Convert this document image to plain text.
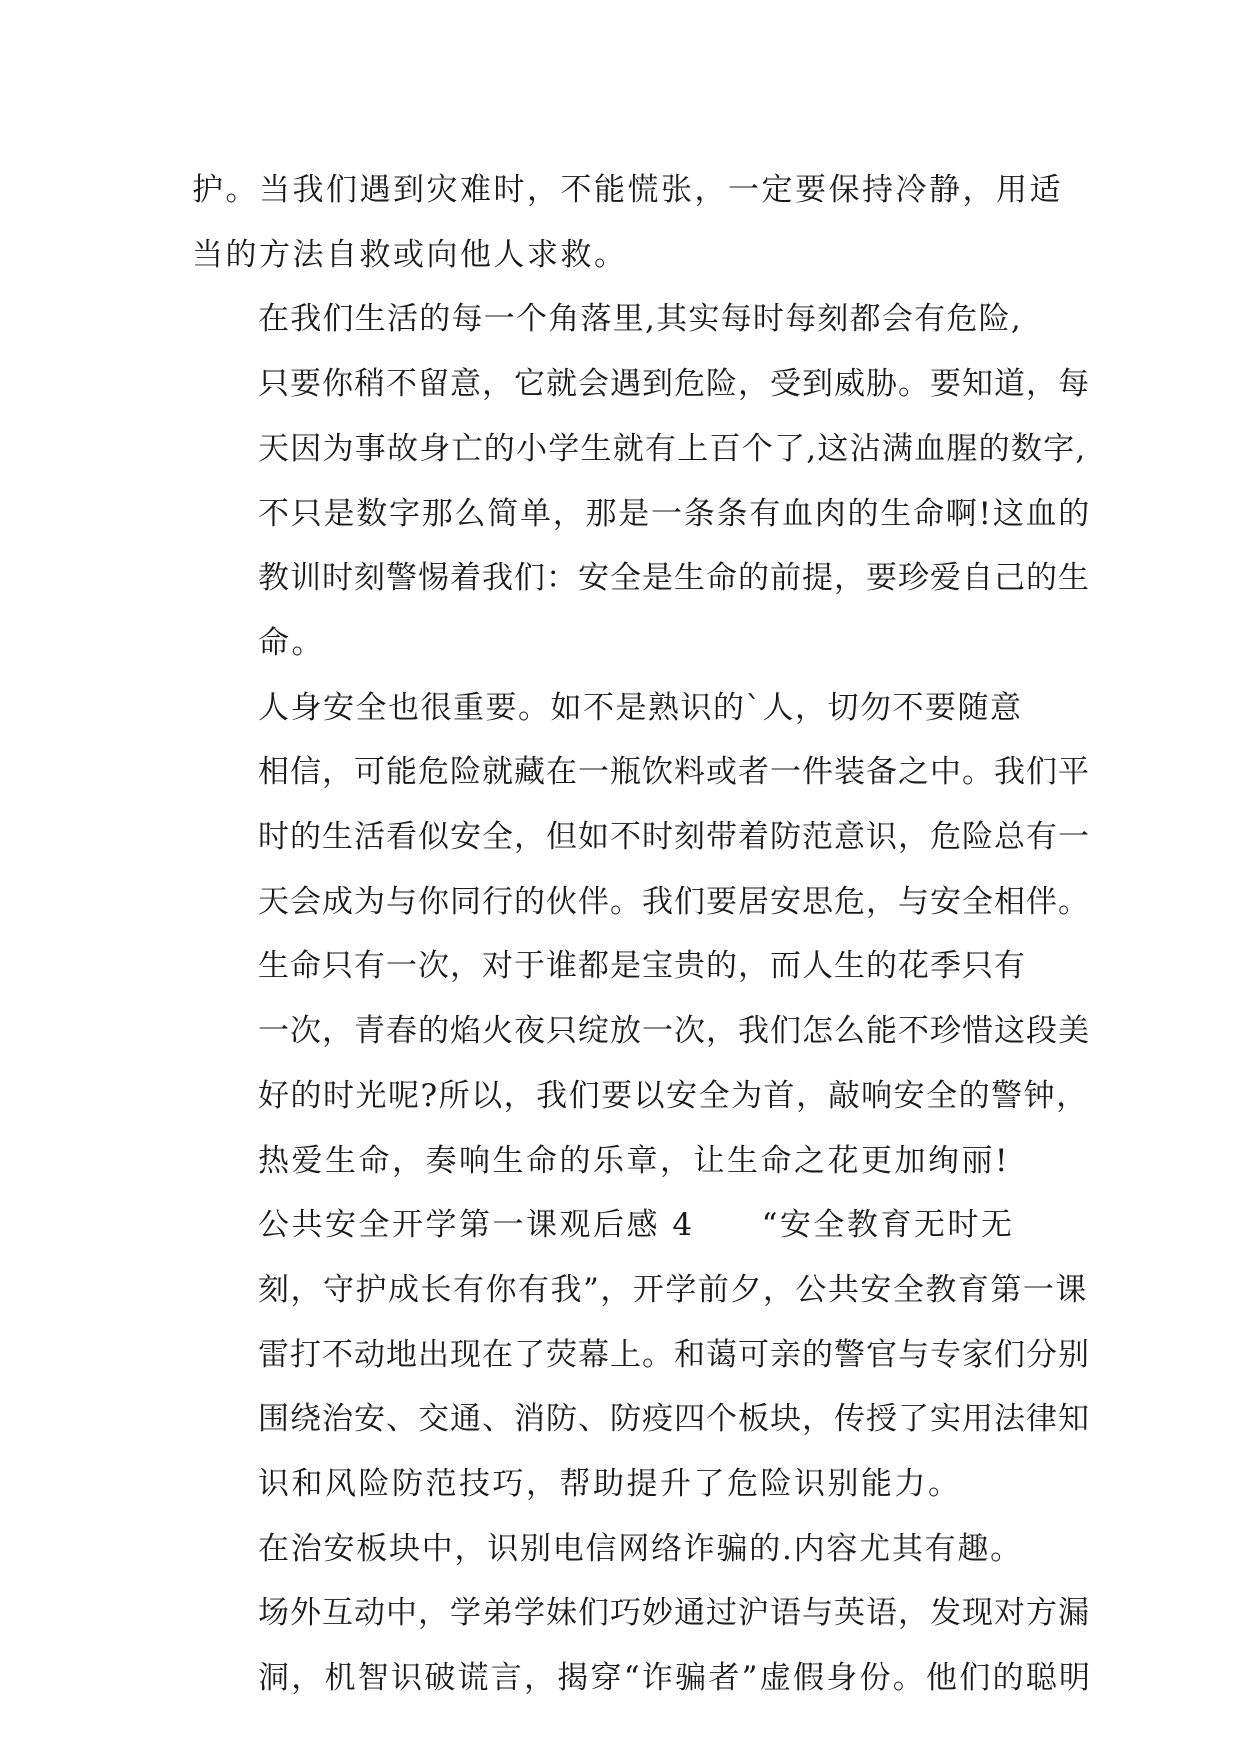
护。当我们遇到灾难时，不能慌张，一定要保持冷静，用适
当的方法自救或向他人求救。
在我们生活的每一个角落里,其实每时每刻都会有危险,
只要你稍不留意，它就会遇到危险，受到威胁。要知道，每
天因为事故身亡的小学生就有上百个了,这沾满血腥的数字,
不只是数字那么简单，那是一条条有血肉的生命啊!这血的
教训时刻警惕着我们：安全是生命的前提，要珍爱自己的生
命。
人身安全也很重要。如不是熟识的`人，切勿不要随意
相信，可能危险就藏在一瓶饮料或者一件装备之中。我们平
时的生活看似安全，但如不时刻带着防范意识，危险总有一
天会成为与你同行的伙伴。我们要居安思危，与安全相伴。
生命只有一次，对于谁都是宝贵的，而人生的花季只有
一次，青春的焰火夜只绽放一次，我们怎么能不珍惜这段美
好的时光呢?所以，我们要以安全为首，敲响安全的警钟，
热爱生命，奏响生命的乐章，让生命之花更加绚丽!
公共安全开学第一课观后感 4　　“安全教育无时无
刻，守护成长有你有我”，开学前夕，公共安全教育第一课
雷打不动地出现在了荧幕上。和蔼可亲的警官与专家们分别
围绕治安、交通、消防、防疫四个板块，传授了实用法律知
识和风险防范技巧，帮助提升了危险识别能力。
在治安板块中，识别电信网络诈骗的.内容尤其有趣。
场外互动中，学弟学妹们巧妙通过沪语与英语，发现对方漏
洞，机智识破谎言，揭穿“诈骗者”虚假身份。他们的聪明
